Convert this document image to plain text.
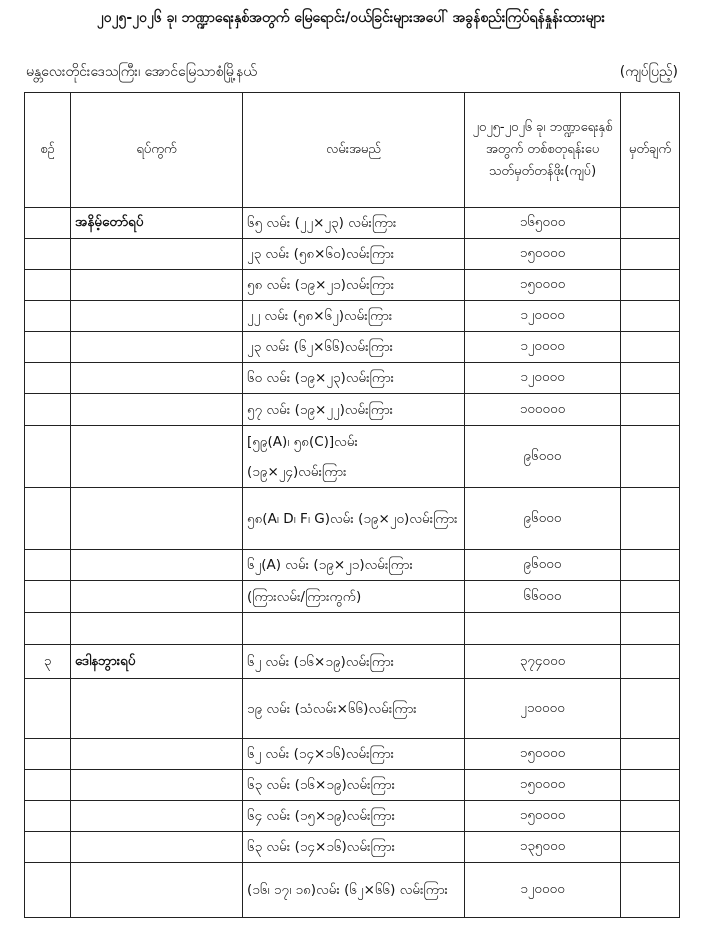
၂၀၂၅-၂၀၂၆ ခု၊ ဘဏ္ဍာရေးနှစ်အတွက် မြေရောင်း/ဝယ်ခြင်းများအပေါ် အခွန်စည်းကြပ်ရန်နှုန်းထားများ
မန္တလေးတိုင်းဒေသကြီး၊ အောင်မြေသာစံမြို့နယ်	(ကျပ်ပြည့်)
စဉ်	ရပ်ကွက်	လမ်းအမည်	၂၀၂၅-၂၀၂၆ ခု၊ ဘဏ္ဍာရေးနှစ်အတွက် တစ်စတုရန်းပေ သတ်မှတ်တန်ဖိုး(ကျပ်)	မှတ်ချက်
	အနိမ့်တော်ရပ်	၆၅ လမ်း (၂၂×၂၃) လမ်းကြား	၁၆၅၀၀၀	
		၂၃ လမ်း (၅၈×၆၀)လမ်းကြား	၁၅၀၀၀၀	
		၅၈ လမ်း (၁၉×၂၁)လမ်းကြား	၁၅၀၀၀၀	
		၂၂ လမ်း (၅၈×၆၂)လမ်းကြား	၁၂၀၀၀၀	
		၂၃ လမ်း (၆၂×၆၆)လမ်းကြား	၁၂၀၀၀၀	
		၆၀ လမ်း (၁၉×၂၃)လမ်းကြား	၁၂၀၀၀၀	
		၅၇ လမ်း (၁၉×၂၂)လမ်းကြား	၁၀၀၀၀၀	
		[၅၉(A)၊ ၅၈(C)]လမ်း (၁၉×၂၄)လမ်းကြား	၉၆၀၀၀	
		၅၈(A၊ D၊ F၊ G)လမ်း (၁၉×၂၀)လမ်းကြား	၉၆၀၀၀	
		၆၂(A) လမ်း (၁၉×၂၁)လမ်းကြား	၉၆၀၀၀	
		(ကြားလမ်း/ကြားကွက်)	၆၆၀၀၀	

၃	ဒေါနဘွားရပ်	၆၂ လမ်း (၁၆×၁၉)လမ်းကြား	၃၇၄၀၀၀	
		၁၉ လမ်း (သံလမ်း×၆၆)လမ်းကြား	၂၁၀၀၀၀	
		၆၂ လမ်း (၁၄×၁၆)လမ်းကြား	၁၅၀၀၀၀	
		၆၃ လမ်း (၁၆×၁၉)လမ်းကြား	၁၅၀၀၀၀	
		၆၄ လမ်း (၁၅×၁၉)လမ်းကြား	၁၅၀၀၀၀	
		၆၃ လမ်း (၁၄×၁၆)လမ်းကြား	၁၃၅၀၀၀	
		(၁၆၊ ၁၇၊ ၁၈)လမ်း (၆၂×၆၆) လမ်းကြား	၁၂၀၀၀၀	
